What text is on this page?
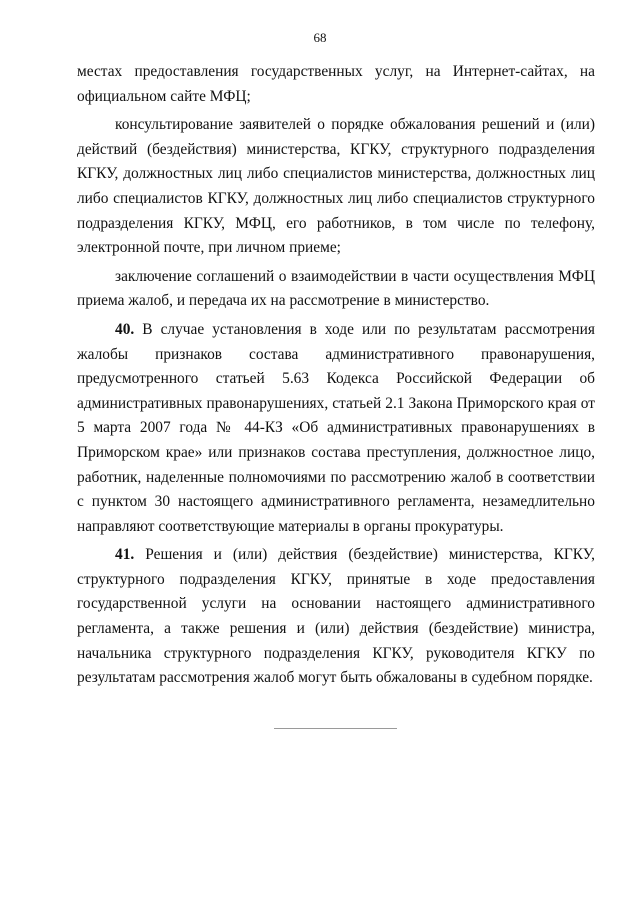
68

местах предоставления государственных услуг, на Интернет-сайтах, на официальном сайте МФЦ;

консультирование заявителей о порядке обжалования решений и (или) действий (бездействия) министерства, КГКУ, структурного подразделения КГКУ, должностных лиц либо специалистов министерства, должностных лиц либо специалистов КГКУ, должностных лиц либо специалистов структурного подразделения КГКУ, МФЦ, его работников, в том числе по телефону, электронной почте, при личном приеме;

заключение соглашений о взаимодействии в части осуществления МФЦ приема жалоб, и передача их на рассмотрение в министерство.

40. В случае установления в ходе или по результатам рассмотрения жалобы признаков состава административного правонарушения, предусмотренного статьей 5.63 Кодекса Российской Федерации об административных правонарушениях, статьей 2.1 Закона Приморского края от 5 марта 2007 года № 44-КЗ «Об административных правонарушениях в Приморском крае» или признаков состава преступления, должностное лицо, работник, наделенные полномочиями по рассмотрению жалоб в соответствии с пунктом 30 настоящего административного регламента, незамедлительно направляют соответствующие материалы в органы прокуратуры.

41. Решения и (или) действия (бездействие) министерства, КГКУ, структурного подразделения КГКУ, принятые в ходе предоставления государственной услуги на основании настоящего административного регламента, а также решения и (или) действия (бездействие) министра, начальника структурного подразделения КГКУ, руководителя КГКУ по результатам рассмотрения жалоб могут быть обжалованы в судебном порядке.
